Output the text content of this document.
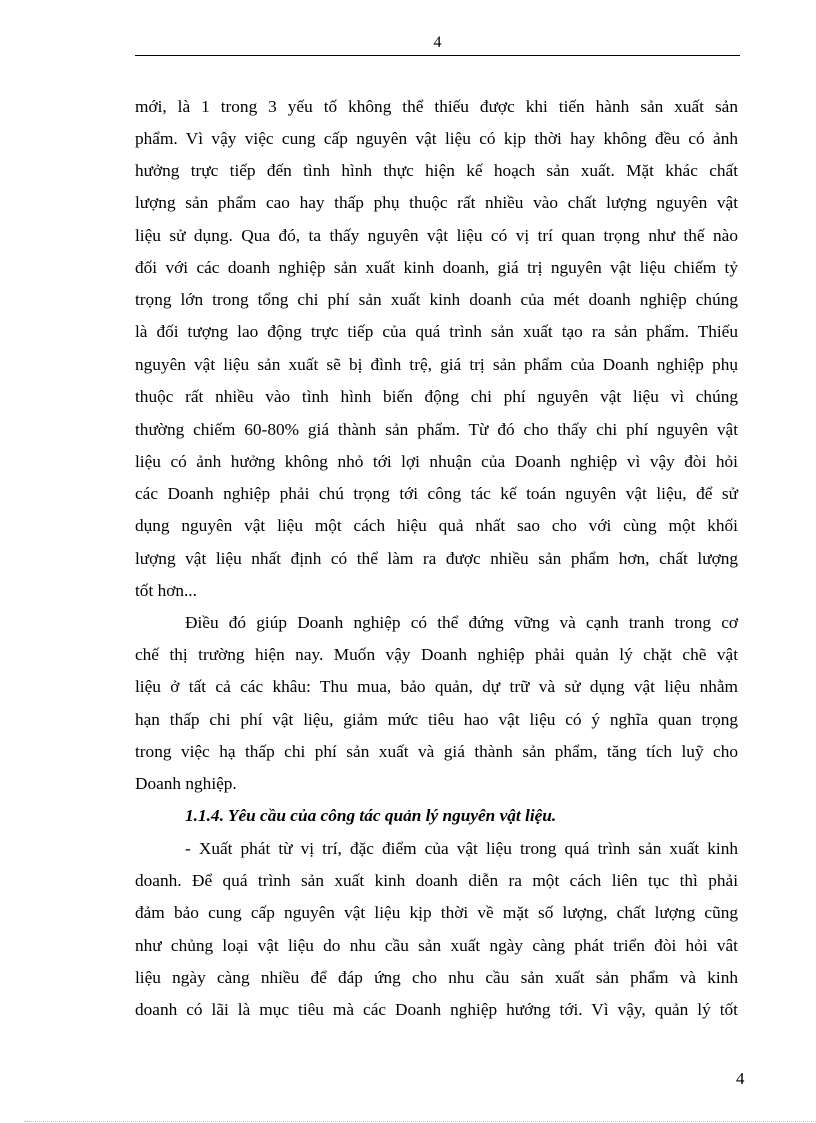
4
mới, là 1 trong 3 yếu tố không thể thiếu được khi tiến hành sản xuất sản
phẩm. Vì vậy việc cung cấp nguyên vật liệu có kịp thời hay không đều có ảnh
hưởng trực tiếp đến tình hình thực hiện kế hoạch sản xuất. Mặt khác chất
lượng sản phẩm cao hay thấp phụ thuộc rất nhiều vào chất lượng nguyên vật
liệu sử dụng. Qua đó, ta thấy nguyên vật liệu có vị trí quan trọng như thế nào
đối với các doanh nghiệp sản xuất kinh doanh, giá trị nguyên vật liệu chiếm tỷ
trọng lớn trong tổng chi phí sản xuất kinh doanh của mét doanh nghiệp chúng
là đối tượng lao động trực tiếp của quá trình sản xuất tạo ra sản phẩm. Thiếu
nguyên vật liệu sản xuất sẽ bị đình trệ, giá trị sản phẩm của Doanh nghiệp phụ
thuộc rất nhiều vào tình hình biến động chi phí nguyên vật liệu vì chúng
thường chiếm 60-80% giá thành sản phẩm. Từ đó cho thấy chi phí nguyên vật
liệu có ảnh hưởng không nhỏ tới lợi nhuận của Doanh nghiệp vì vậy đòi hỏi
các Doanh nghiệp phải chú trọng tới công tác kế toán nguyên vật liệu, để sử
dụng nguyên vật liệu một cách hiệu quả nhất sao cho với cùng một khối
lượng vật liệu nhất định có thể làm ra được nhiều sản phẩm hơn, chất lượng
tốt hơn...
Điều đó giúp Doanh nghiệp có thể đứng vững và cạnh tranh trong cơ
chế thị trường hiện nay. Muốn vậy Doanh nghiệp phải quản lý chặt chẽ vật
liệu ở tất cả các khâu: Thu mua, bảo quản, dự trữ và sử dụng vật liệu nhằm
hạn thấp chi phí vật liệu, giảm mức tiêu hao vật liệu có ý nghĩa quan trọng
trong việc hạ thấp chi phí sản xuất và giá thành sản phẩm, tăng tích luỹ cho
Doanh nghiệp.
1.1.4. Yêu cầu của công tác quản lý nguyên vật liệu.
- Xuất phát từ vị trí, đặc điểm của vật liệu trong quá trình sản xuất kinh
doanh. Để quá trình sản xuất kinh doanh diễn ra một cách liên tục thì phải
đảm bảo cung cấp nguyên vật liệu kịp thời về mặt số lượng, chất lượng cũng
như chủng loại vật liệu do nhu cầu sản xuất ngày càng phát triển đòi hỏi vât
liệu ngày càng nhiều để đáp ứng cho nhu cầu sản xuất sản phẩm và kinh
doanh có lãi là mục tiêu mà các Doanh nghiệp hướng tới. Vì vậy, quản lý tốt
4
